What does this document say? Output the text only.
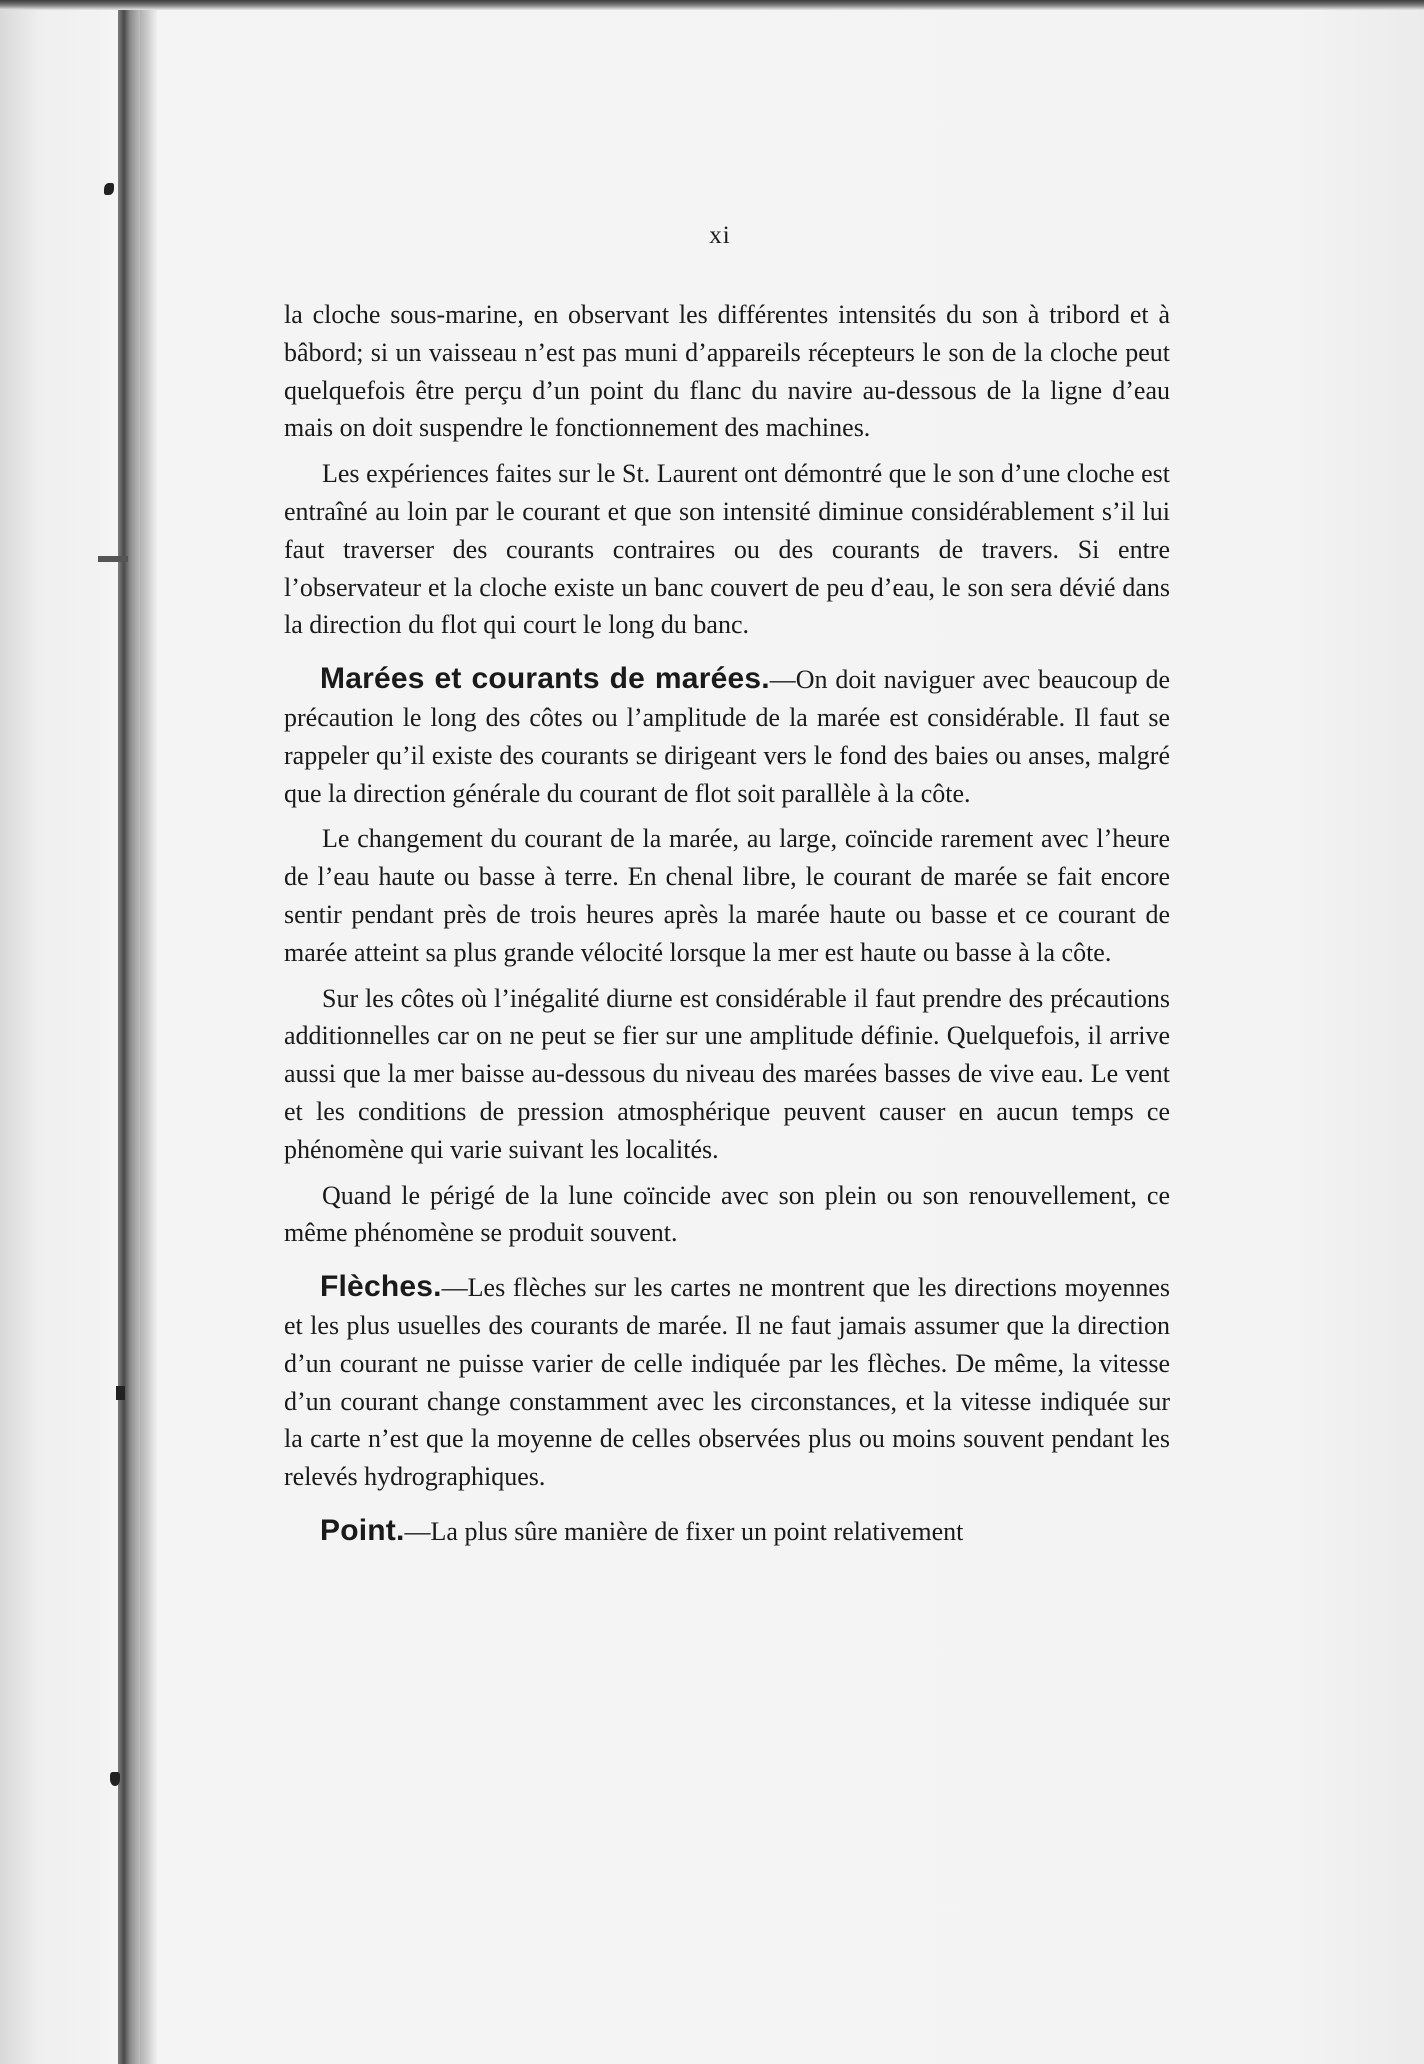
xi

la cloche sous-marine, en observant les différentes intensités du son à tribord et à bâbord; si un vaisseau n’est pas muni d’appareils récepteurs le son de la cloche peut quelquefois être perçu d’un point du flanc du navire au-dessous de la ligne d’eau mais on doit suspendre le fonctionnement des machines.

Les expériences faites sur le St. Laurent ont démontré que le son d’une cloche est entraîné au loin par le courant et que son intensité diminue considérablement s’il lui faut traverser des courants contraires ou des courants de travers. Si entre l’observateur et la cloche existe un banc couvert de peu d’eau, le son sera dévié dans la direction du flot qui court le long du banc.

Marées et courants de marées.—On doit naviguer avec beaucoup de précaution le long des côtes ou l’amplitude de la marée est considérable. Il faut se rappeler qu’il existe des courants se dirigeant vers le fond des baies ou anses, malgré que la direction générale du courant de flot soit parallèle à la côte.

Le changement du courant de la marée, au large, coïncide rarement avec l’heure de l’eau haute ou basse à terre. En chenal libre, le courant de marée se fait encore sentir pendant près de trois heures après la marée haute ou basse et ce courant de marée atteint sa plus grande vélocité lorsque la mer est haute ou basse à la côte.

Sur les côtes où l’inégalité diurne est considérable il faut prendre des précautions additionnelles car on ne peut se fier sur une amplitude définie. Quelquefois, il arrive aussi que la mer baisse au-dessous du niveau des marées basses de vive eau. Le vent et les conditions de pression atmosphérique peuvent causer en aucun temps ce phénomène qui varie suivant les localités.

Quand le périgé de la lune coïncide avec son plein ou son renouvellement, ce même phénomène se produit souvent.

Flèches.—Les flèches sur les cartes ne montrent que les directions moyennes et les plus usuelles des courants de marée. Il ne faut jamais assumer que la direction d’un courant ne puisse varier de celle indiquée par les flèches. De même, la vitesse d’un courant change constamment avec les circonstances, et la vitesse indiquée sur la carte n’est que la moyenne de celles observées plus ou moins souvent pendant les relevés hydrographiques.

Point.—La plus sûre manière de fixer un point relativement
